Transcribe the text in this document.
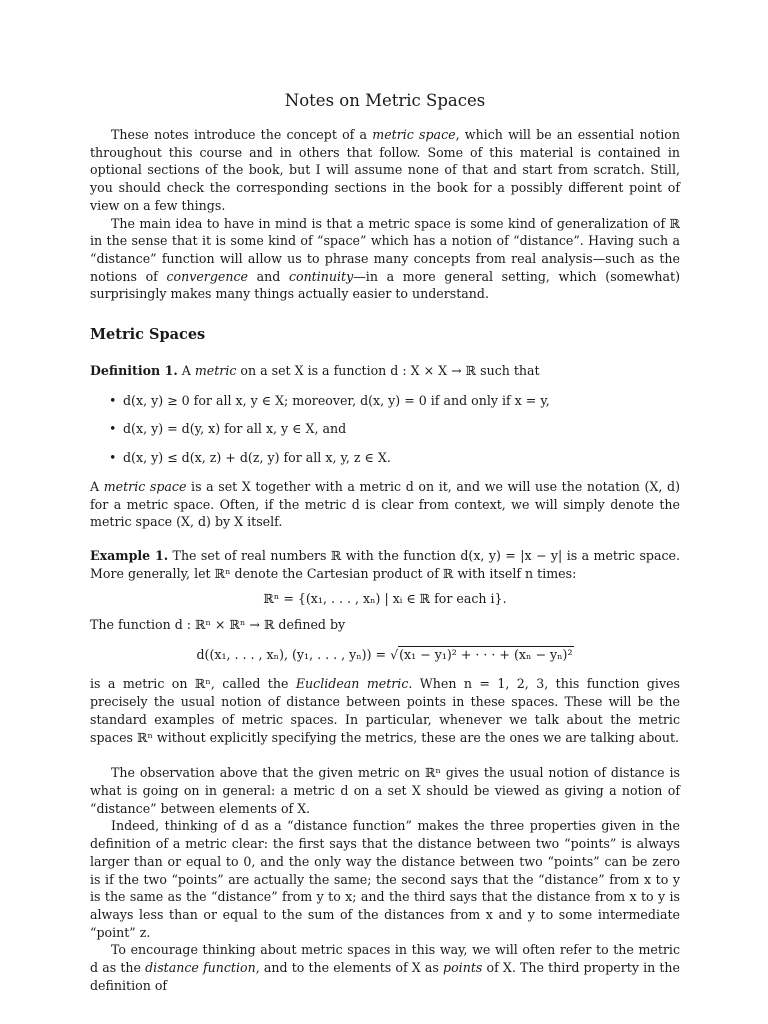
Notes on Metric Spaces

These notes introduce the concept of a metric space, which will be an essential notion throughout this course and in others that follow. Some of this material is contained in optional sections of the book, but I will assume none of that and start from scratch. Still, you should check the corresponding sections in the book for a possibly different point of view on a few things.

The main idea to have in mind is that a metric space is some kind of generalization of ℝ in the sense that it is some kind of “space” which has a notion of “distance”. Having such a “distance” function will allow us to phrase many concepts from real analysis—such as the notions of convergence and continuity—in a more general setting, which (somewhat) surprisingly makes many things actually easier to understand.

Metric Spaces

Definition 1. A metric on a set X is a function d : X × X → ℝ such that

• d(x, y) ≥ 0 for all x, y ∈ X; moreover, d(x, y) = 0 if and only if x = y,
• d(x, y) = d(y, x) for all x, y ∈ X, and
• d(x, y) ≤ d(x, z) + d(z, y) for all x, y, z ∈ X.

A metric space is a set X together with a metric d on it, and we will use the notation (X, d) for a metric space. Often, if the metric d is clear from context, we will simply denote the metric space (X, d) by X itself.

Example 1. The set of real numbers ℝ with the function d(x, y) = |x − y| is a metric space. More generally, let ℝⁿ denote the Cartesian product of ℝ with itself n times:

ℝⁿ = {(x₁, . . . , xₙ) | xᵢ ∈ ℝ for each i}.

The function d : ℝⁿ × ℝⁿ → ℝ defined by

d((x₁, . . . , xₙ), (y₁, . . . , yₙ)) = √(x₁ − y₁)² + · · · + (xₙ − yₙ)²

is a metric on ℝⁿ, called the Euclidean metric. When n = 1, 2, 3, this function gives precisely the usual notion of distance between points in these spaces. These will be the standard examples of metric spaces. In particular, whenever we talk about the metric spaces ℝⁿ without explicitly specifying the metrics, these are the ones we are talking about.

The observation above that the given metric on ℝⁿ gives the usual notion of distance is what is going on in general: a metric d on a set X should be viewed as giving a notion of “distance” between elements of X.

Indeed, thinking of d as a “distance function” makes the three properties given in the definition of a metric clear: the first says that the distance between two “points” is always larger than or equal to 0, and the only way the distance between two “points” can be zero is if the two “points” are actually the same; the second says that the “distance” from x to y is the same as the “distance” from y to x; and the third says that the distance from x to y is always less than or equal to the sum of the distances from x and y to some intermediate “point” z.

To encourage thinking about metric spaces in this way, we will often refer to the metric d as the distance function, and to the elements of X as points of X. The third property in the definition of
